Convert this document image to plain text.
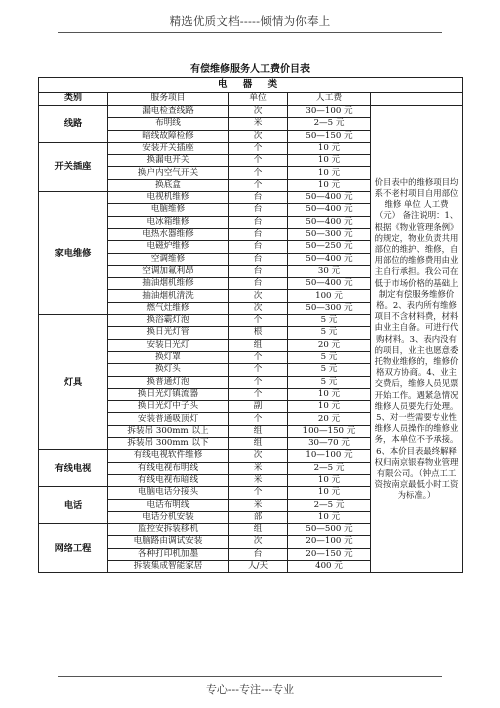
精选优质文档-----倾情为你奉上
有偿维修服务人工费价目表
电 器 类				
类别	服务项目	单位	人工费	
线路	漏电检查线路	次	30—100 元	价目表中的维修项目均系不老村项目自用部位维修 单位 人工费（元） 备注说明：1、根据《物业管理条例》的规定，物业负责共用部位的维护、维修，自用部位的维修费用由业主自行承担。我公司在低于市场价格的基础上制定有偿服务维修价格。2、表内所有维修项目不含材料费，材料由业主自备。可进行代购材料。3、表内没有的项目，业主也愿意委托物业维修的，维修价格双方协商。4、业主交费后，维修人员见票开始工作。遇紧急情况维修人员要先行处理。5、对一些需要专业性维修人员操作的维修业务，本单位不予承接。6、本价目表最终解释权归南京银春物业管理有限公司。（钟点工工资按南京最低小时工资为标准。）
	布明线	米	2—5 元	
	暗线故障检修	次	50—150 元	
开关插座	安装开关插座	个	10 元	
	换漏电开关	个	10 元	
	换户内空气开关	个	10 元	
	换底盒	个	10 元	
家电维修	电视机维修	台	50—400 元	
	电脑维修	台	50—400 元	
	电冰箱维修	台	50—400 元	
	电热水器维修	台	50—300 元	
	电磁炉维修	台	50—250 元	
	空调维修	台	50—400 元	
	空调加氟利昂	台	30 元	
	抽油烟机维修	台	50—400 元	
	抽油烟机清洗	次	100 元	
	燃气灶维修	次	50—300 元	
灯具	换浴霸灯泡	个	5 元	
	换日光灯管	根	5 元	
	安装日光灯	组	20 元	
	换灯罩	个	5 元	
	换灯头	个	5 元	
	换普通灯泡	个	5 元	
	换日光灯镇流器	个	10 元	
	换日光灯中子头	副	10 元	
	安装普通吸顶灯	个	20 元	
	拆装吊 300mm 以上	组	100—150 元	
	拆装吊 300mm 以下	组	30—70 元	
有线电视	有线电视软件维修	次	10—100 元	
	有线电视布明线	米	2—5 元	
	有线电视布暗线	米	10 元	
电话	电脑电话分接头	个	10 元	
	电话布明线	米	2—5 元	
	电话分机安装	部	10 元	
网络工程	监控安拆装移机	组	50—500 元	
	电脑路由调试安装	次	20—100 元	
	各种打印机加墨	台	20—150 元	
	拆装集成智能家居	人/天	400 元	
专心---专注---专业
